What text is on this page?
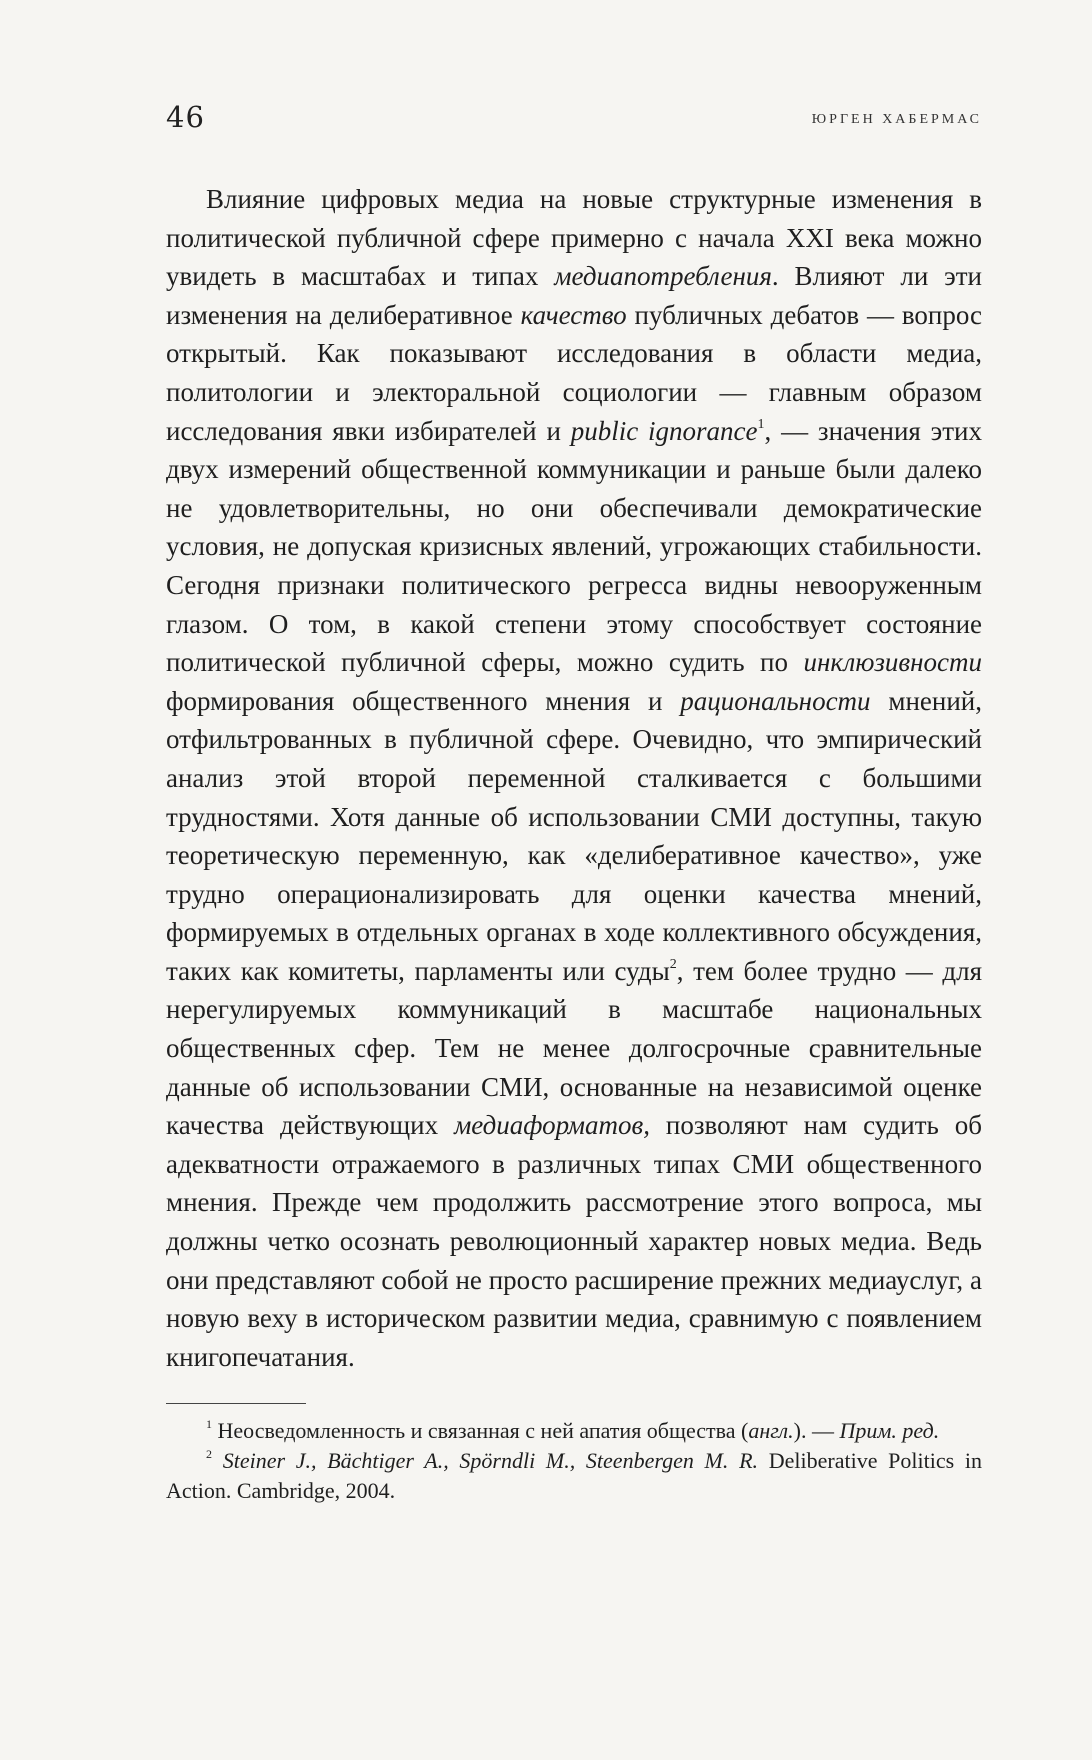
46	ЮРГЕН ХАБЕРМАС

Влияние цифровых медиа на новые структурные изменения в политической публичной сфере примерно с начала XXI века можно увидеть в масштабах и типах медиапотребления. Влияют ли эти изменения на делиберативное качество публичных дебатов — вопрос открытый. Как показывают исследования в области медиа, политологии и электоральной социологии — главным образом исследования явки избирателей и public ignorance$^1$, — значения этих двух измерений общественной коммуникации и раньше были далеко не удовлетворительны, но они обеспечивали демократические условия, не допуская кризисных явлений, угрожающих стабильности. Сегодня признаки политического регресса видны невооруженным глазом. О том, в какой степени этому способствует состояние политической публичной сферы, можно судить по инклюзивности формирования общественного мнения и рациональности мнений, отфильтрованных в публичной сфере. Очевидно, что эмпирический анализ этой второй переменной сталкивается с большими трудностями. Хотя данные об использовании СМИ доступны, такую теоретическую переменную, как «делиберативное качество», уже трудно операционализировать для оценки качества мнений, формируемых в отдельных органах в ходе коллективного обсуждения, таких как комитеты, парламенты или суды$^2$, тем более трудно — для нерегулируемых коммуникаций в масштабе национальных общественных сфер. Тем не менее долгосрочные сравнительные данные об использовании СМИ, основанные на независимой оценке качества действующих медиаформатов, позволяют нам судить об адекватности отражаемого в различных типах СМИ общественного мнения. Прежде чем продолжить рассмотрение этого вопроса, мы должны четко осознать революционный характер новых медиа. Ведь они представляют собой не просто расширение прежних медиауслуг, а новую веху в историческом развитии медиа, сравнимую с появлением книгопечатания.

$^1$ Неосведомленность и связанная с ней апатия общества (англ.). — Прим. ред.
$^2$ Steiner J., Bächtiger A., Spörndli M., Steenbergen M. R. Deliberative Politics in Action. Cambridge, 2004.
